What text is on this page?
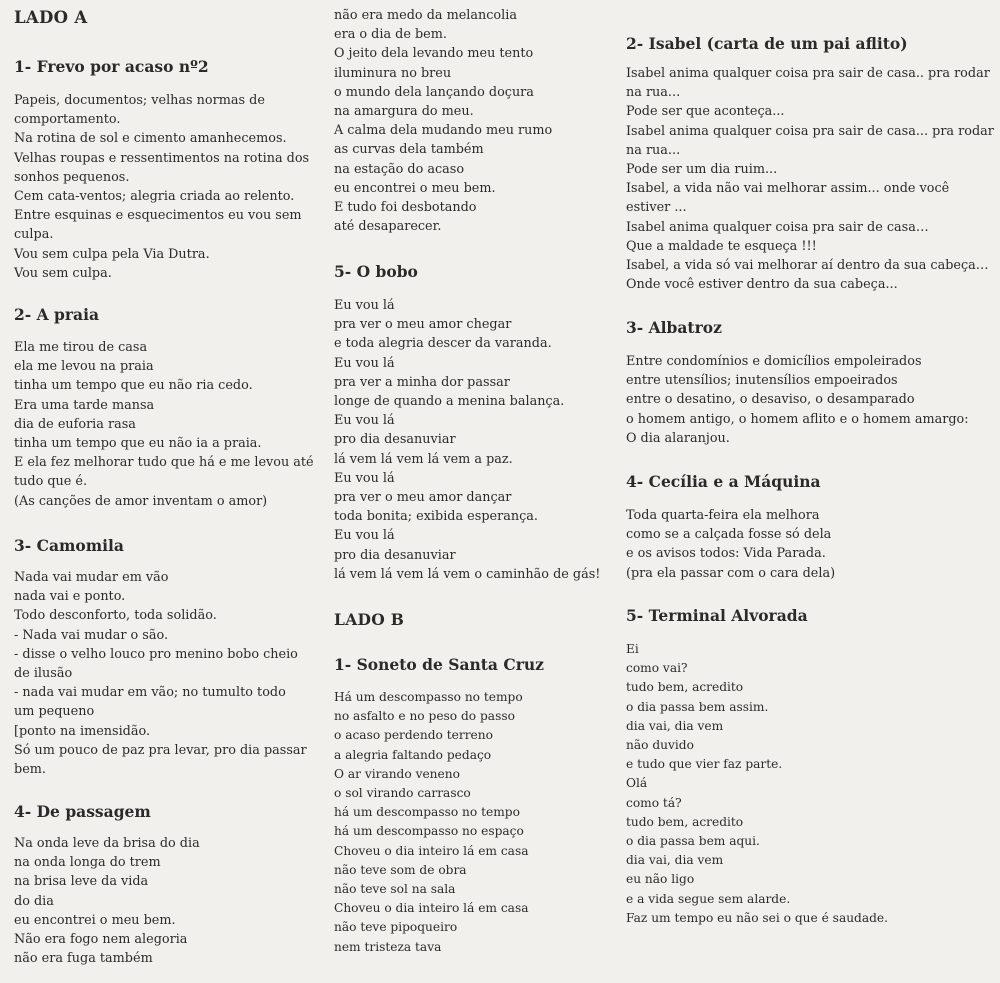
LADO A
1- Frevo por acaso nº2
Papeis, documentos; velhas normas de
comportamento.
Na rotina de sol e cimento amanhecemos.
Velhas roupas e ressentimentos na rotina dos
sonhos pequenos.
Cem cata-ventos; alegria criada ao relento.
Entre esquinas e esquecimentos eu vou sem
culpa.
Vou sem culpa pela Via Dutra.
Vou sem culpa.
2- A praia
Ela me tirou de casa
ela me levou na praia
tinha um tempo que eu não ria cedo.
Era uma tarde mansa
dia de euforia rasa
tinha um tempo que eu não ia a praia.
E ela fez melhorar tudo que há e me levou até
tudo que é.
(As canções de amor inventam o amor)
3- Camomila
Nada vai mudar em vão
nada vai e ponto.
Todo desconforto, toda solidão.
- Nada vai mudar o são.
- disse o velho louco pro menino bobo cheio
de ilusão
- nada vai mudar em vão; no tumulto todo
um pequeno
[ponto na imensidão.
Só um pouco de paz pra levar, pro dia passar
bem.
4- De passagem
Na onda leve da brisa do dia
na onda longa do trem
na brisa leve da vida
do dia
eu encontrei o meu bem.
Não era fogo nem alegoria
não era fuga também
não era medo da melancolia
era o dia de bem.
O jeito dela levando meu tento
iluminura no breu
o mundo dela lançando doçura
na amargura do meu.
A calma dela mudando meu rumo
as curvas dela também
na estação do acaso
eu encontrei o meu bem.
E tudo foi desbotando
até desaparecer.
5- O bobo
Eu vou lá
pra ver o meu amor chegar
e toda alegria descer da varanda.
Eu vou lá
pra ver a minha dor passar
longe de quando a menina balança.
Eu vou lá
pro dia desanuviar
lá vem lá vem lá vem a paz.
Eu vou lá
pra ver o meu amor dançar
toda bonita; exibida esperança.
Eu vou lá
pro dia desanuviar
lá vem lá vem lá vem o caminhão de gás!
LADO B
1- Soneto de Santa Cruz
Há um descompasso no tempo
no asfalto e no peso do passo
o acaso perdendo terreno
a alegria faltando pedaço
O ar virando veneno
o sol virando carrasco
há um descompasso no tempo
há um descompasso no espaço
Choveu o dia inteiro lá em casa
não teve som de obra
não teve sol na sala
Choveu o dia inteiro lá em casa
não teve pipoqueiro
nem tristeza tava
2- Isabel (carta de um pai aflito)
Isabel anima qualquer coisa pra sair de casa.. pra rodar
na rua...
Pode ser que aconteça...
Isabel anima qualquer coisa pra sair de casa... pra rodar
na rua...
Pode ser um dia ruim...
Isabel, a vida não vai melhorar assim... onde você
estiver ...
Isabel anima qualquer coisa pra sair de casa…
Que a maldade te esqueça !!!
Isabel, a vida só vai melhorar aí dentro da sua cabeça…
Onde você estiver dentro da sua cabeça...
3- Albatroz
Entre condomínios e domicílios empoleirados
entre utensílios; inutensílios empoeirados
entre o desatino, o desaviso, o desamparado
o homem antigo, o homem aflito e o homem amargo:
O dia alaranjou.
4- Cecília e a Máquina
Toda quarta-feira ela melhora
como se a calçada fosse só dela
e os avisos todos: Vida Parada.
(pra ela passar com o cara dela)
5- Terminal Alvorada
Ei
como vai?
tudo bem, acredito
o dia passa bem assim.
dia vai, dia vem
não duvido
e tudo que vier faz parte.
Olá
como tá?
tudo bem, acredito
o dia passa bem aqui.
dia vai, dia vem
eu não ligo
e a vida segue sem alarde.
Faz um tempo eu não sei o que é saudade.
